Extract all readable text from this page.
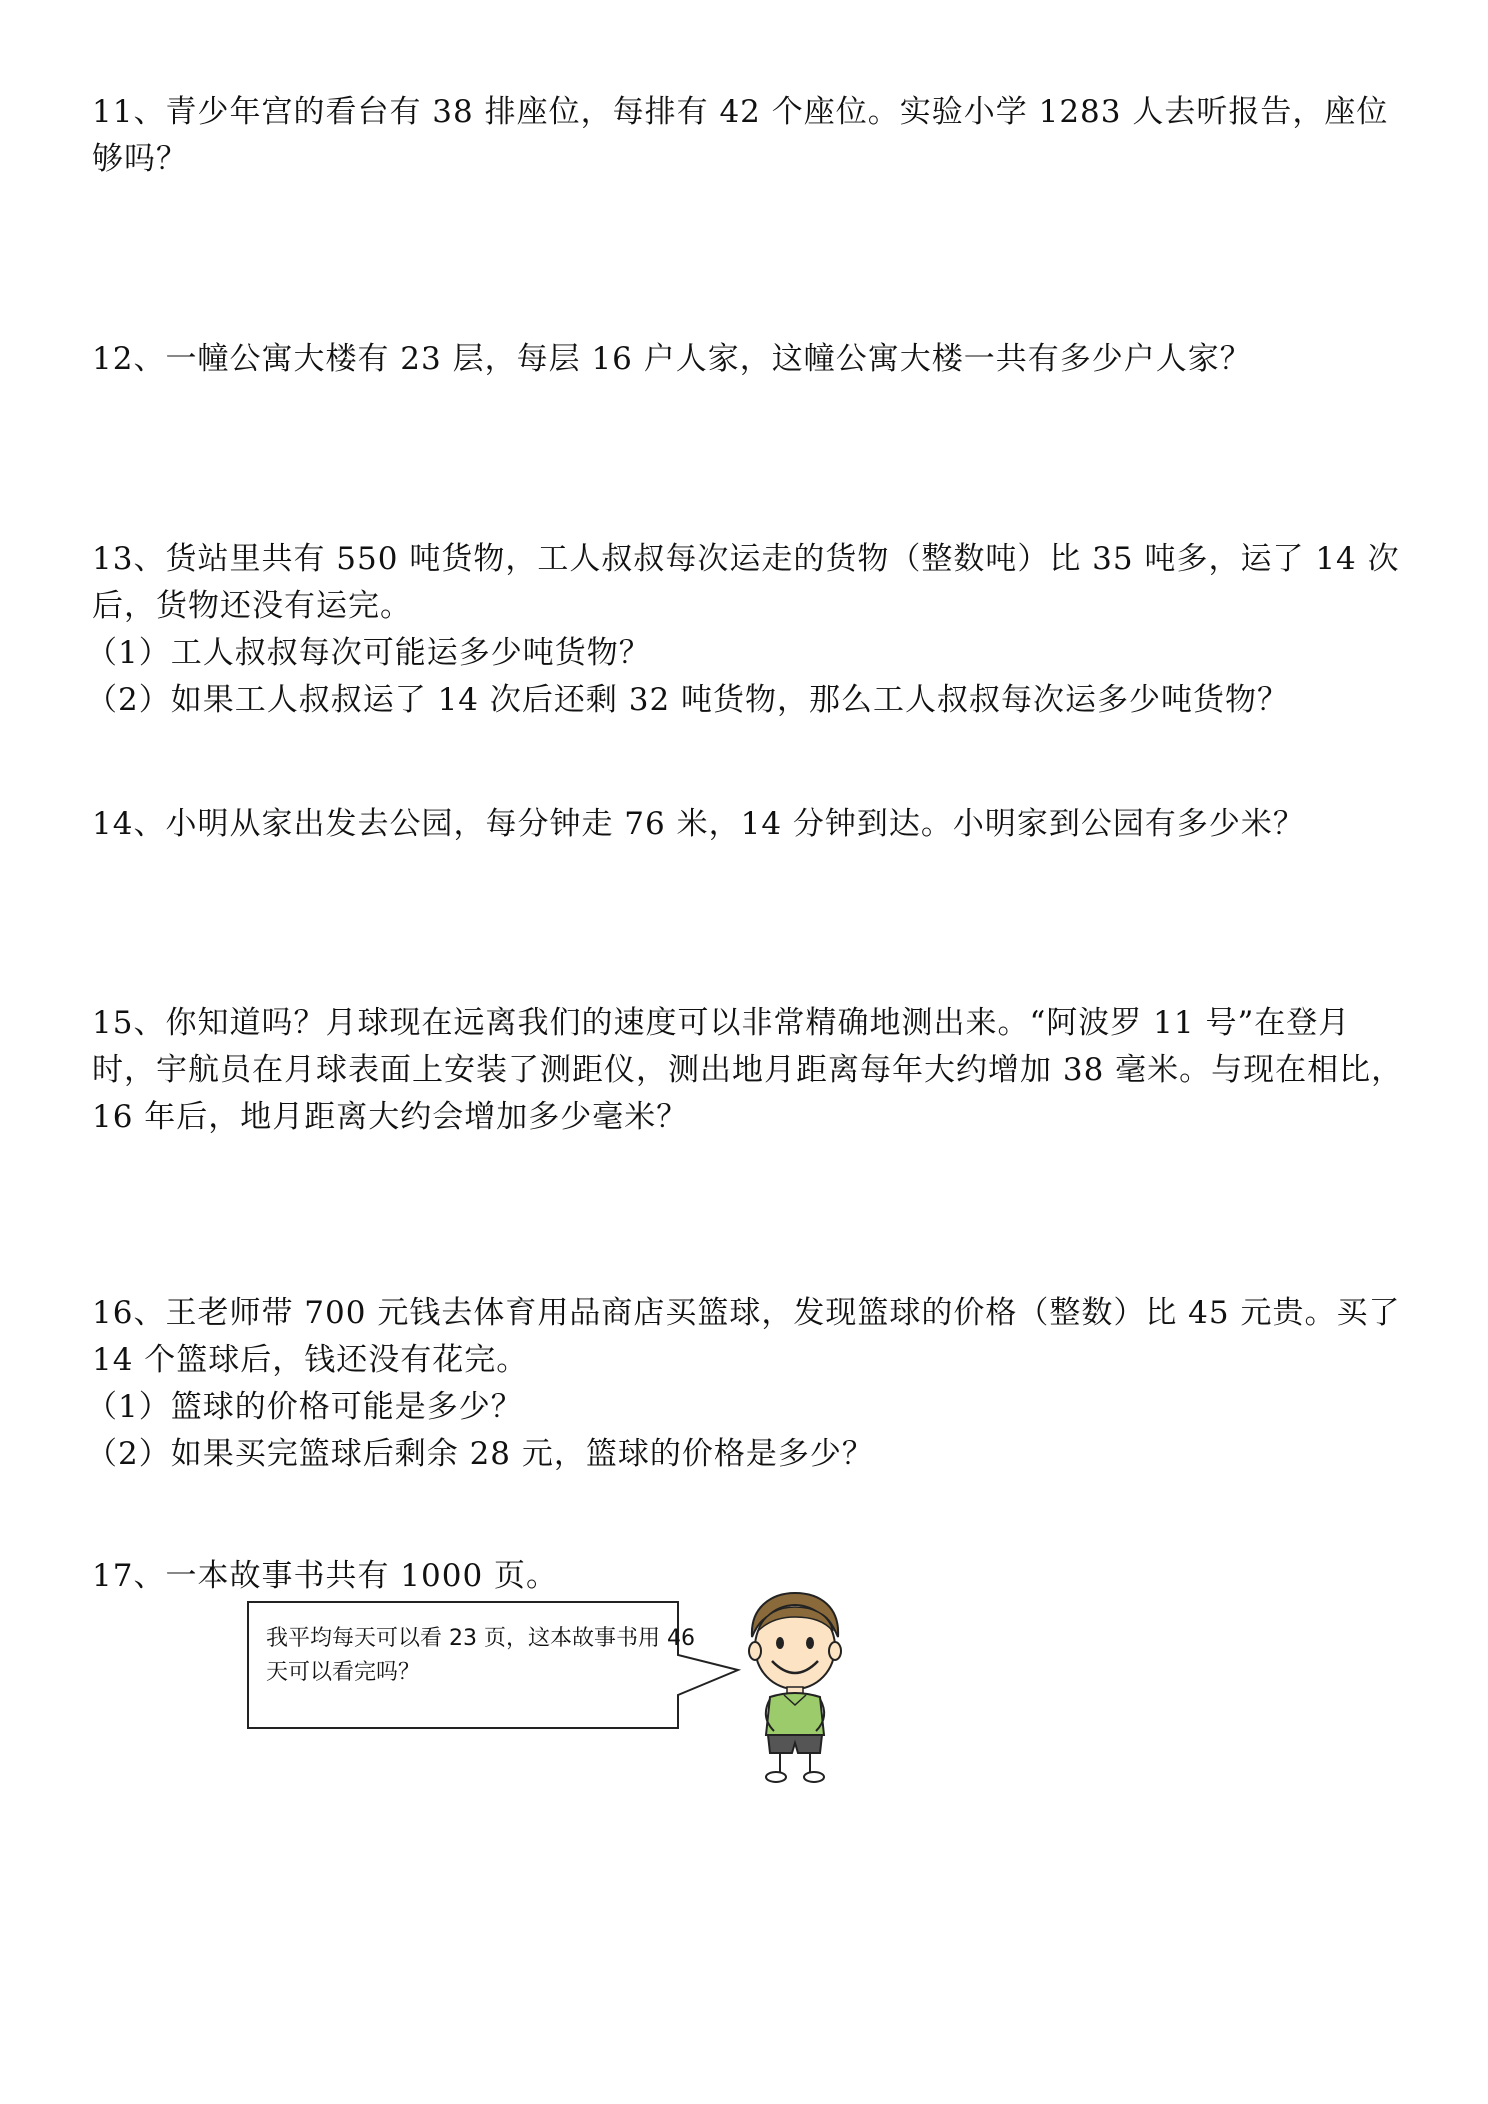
11、青少年宫的看台有 38 排座位，每排有 42 个座位。实验小学 1283 人去听报告，座位够吗？

12、一幢公寓大楼有 23 层，每层 16 户人家，这幢公寓大楼一共有多少户人家？

13、货站里共有 550 吨货物，工人叔叔每次运走的货物（整数吨）比 35 吨多，运了 14 次后，货物还没有运完。

（1）工人叔叔每次可能运多少吨货物？

（2）如果工人叔叔运了 14 次后还剩 32 吨货物，那么工人叔叔每次运多少吨货物？

14、小明从家出发去公园，每分钟走 76 米，14 分钟到达。小明家到公园有多少米？

15、你知道吗？月球现在远离我们的速度可以非常精确地测出来。“阿波罗 11 号”在登月时，宇航员在月球表面上安装了测距仪，测出地月距离每年大约增加 38 毫米。与现在相比，16 年后，地月距离大约会增加多少毫米？

16、王老师带 700 元钱去体育用品商店买篮球，发现篮球的价格（整数）比 45 元贵。买了 14 个篮球后，钱还没有花完。

（1）篮球的价格可能是多少？

（2）如果买完篮球后剩余 28 元，篮球的价格是多少？

17、一本故事书共有 1000 页。

我平均每天可以看 23 页，这本故事书用 46 天可以看完吗？
